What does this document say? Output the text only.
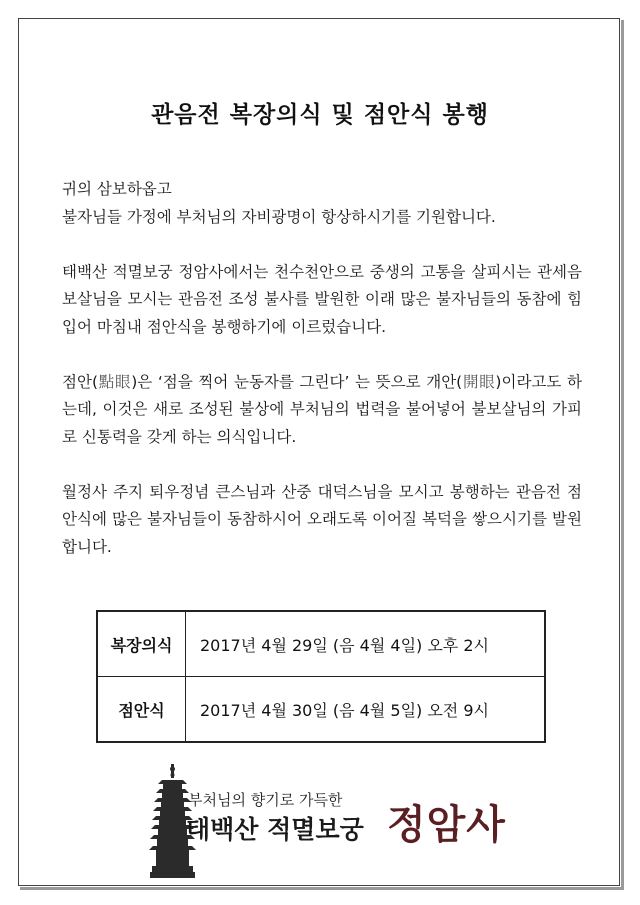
관음전 복장의식 및 점안식 봉행

귀의 삼보하옵고
불자님들 가정에 부처님의 자비광명이 항상하시기를 기원합니다.

태백산 적멸보궁 정암사에서는 천수천안으로 중생의 고통을 살피시는 관세음보살님을 모시는 관음전 조성 불사를 발원한 이래 많은 불자님들의 동참에 힘입어 마침내 점안식을 봉행하기에 이르렀습니다.

점안(點眼)은 ‘점을 찍어 눈동자를 그린다’ 는 뜻으로 개안(開眼)이라고도 하는데, 이것은 새로 조성된 불상에 부처님의 법력을 불어넣어 불보살님의 가피로 신통력을 갖게 하는 의식입니다.

월정사 주지 퇴우정념 큰스님과 산중 대덕스님을 모시고 봉행하는 관음전 점안식에 많은 불자님들이 동참하시어 오래도록 이어질 복덕을 쌓으시기를 발원합니다.

복장의식	2017년 4월 29일 (음 4월 4일) 오후 2시
점안식	2017년 4월 30일 (음 4월 5일) 오전 9시
부처님의 향기로 가득한
태백산 적멸보궁 정암사
